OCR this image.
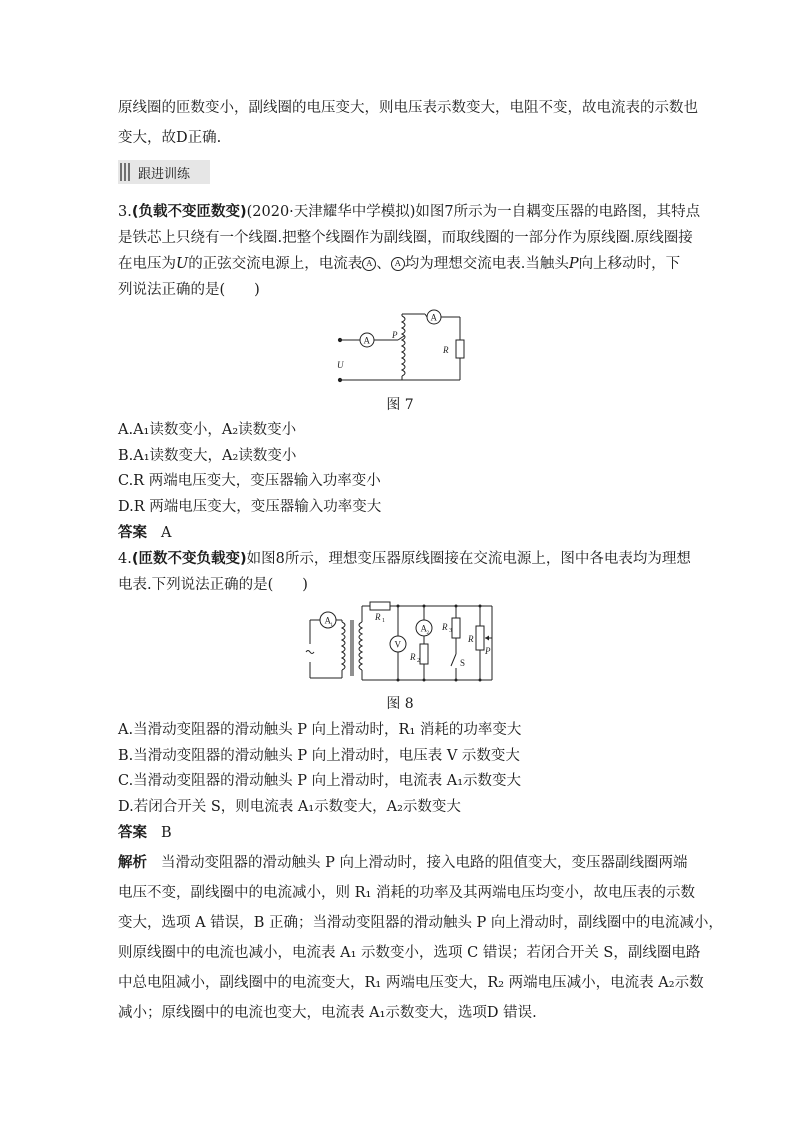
原线圈的匝数变小，副线圈的电压变大，则电压表示数变大，电阻不变，故电流表的示数也
变大，故D正确.
跟进训练
3.(负载不变匝数变)(2020·天津耀华中学模拟)如图7所示为一自耦变压器的电路图，其特点
是铁芯上只绕有一个线圈.把整个线圈作为副线圈，而取线圈的一部分作为原线圈.原线圈接
在电压为U的正弦交流电源上，电流表 A 、 A 均为理想交流电表.当触头P向上移动时，下
列说法正确的是(　　)
A
A
P
R
U
图 7
A.A₁读数变小，A₂读数变小
B.A₁读数变大，A₂读数变小
C.R 两端电压变大，变压器输入功率变小
D.R 两端电压变大，变压器输入功率变大
答案 A
4.(匝数不变负载变)如图8所示，理想变压器原线圈接在交流电源上，图中各电表均为理想
电表.下列说法正确的是(　　)
A	R
V
A
R
R
S
R
P
1
1
2
2
3
图 8
A.当滑动变阻器的滑动触头 P 向上滑动时，R₁ 消耗的功率变大
B.当滑动变阻器的滑动触头 P 向上滑动时，电压表 V 示数变大
C.当滑动变阻器的滑动触头 P 向上滑动时，电流表 A₁示数变大
D.若闭合开关 S，则电流表 A₁示数变大，A₂示数变大
答案 B
解析 当滑动变阻器的滑动触头 P 向上滑动时，接入电路的阻值变大，变压器副线圈两端
电压不变，副线圈中的电流减小，则 R₁ 消耗的功率及其两端电压均变小，故电压表的示数
变大，选项 A 错误，B 正确；当滑动变阻器的滑动触头 P 向上滑动时，副线圈中的电流减小，
则原线圈中的电流也减小，电流表 A₁ 示数变小，选项 C 错误；若闭合开关 S，副线圈电路
中总电阻减小，副线圈中的电流变大，R₁ 两端电压变大，R₂ 两端电压减小，电流表 A₂示数
减小；原线圈中的电流也变大，电流表 A₁示数变大，选项D 错误.
